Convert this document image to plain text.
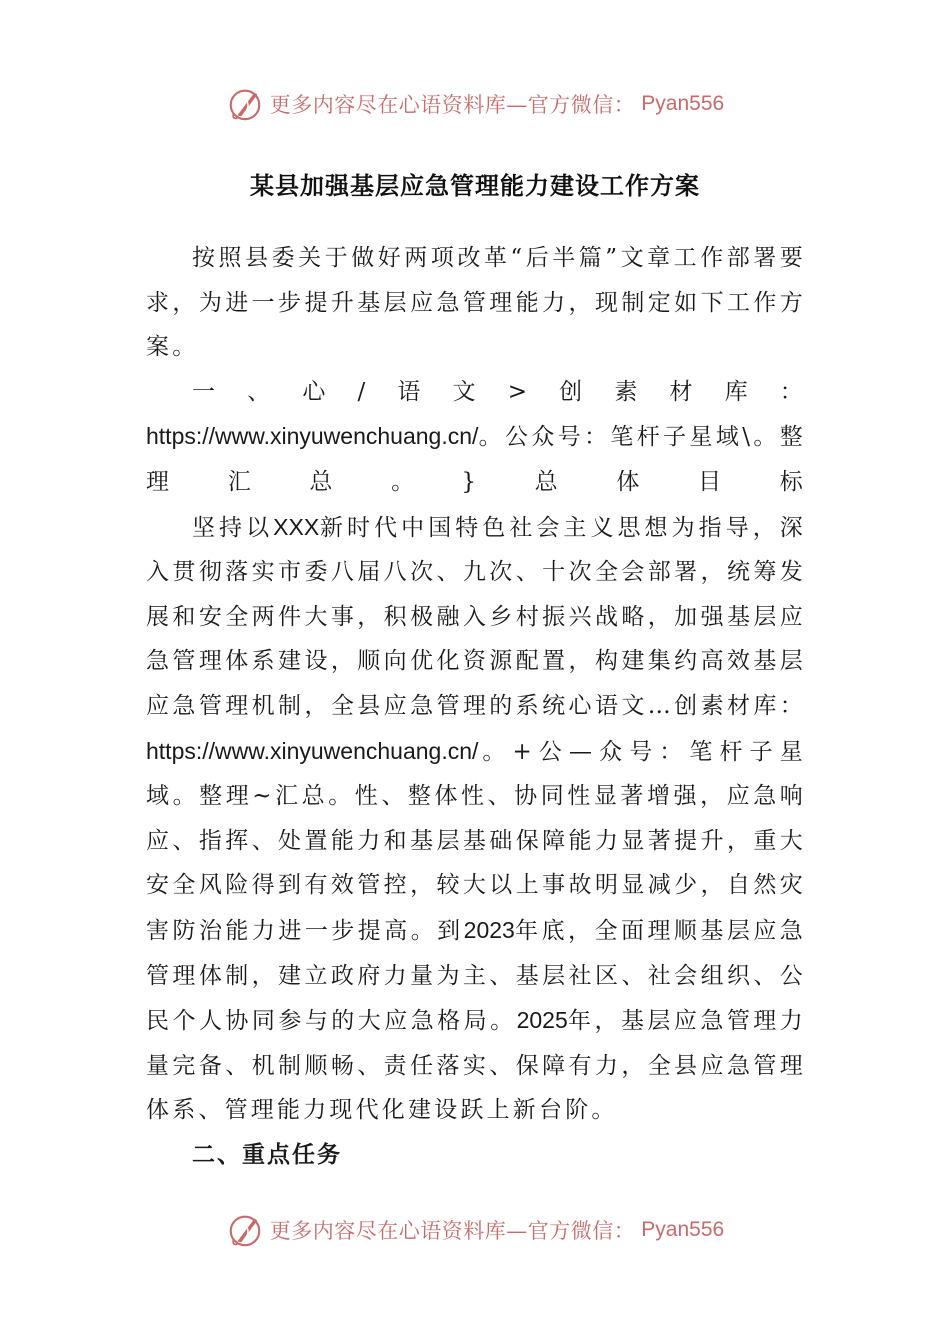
更多内容尽在心语资料库—官方微信： Pyan556
某县加强基层应急管理能力建设工作方案

按照县委关于做好两项改革“后半篇”文章工作部署要求，为进一步提升基层应急管理能力，现制定如下工作方案。

一、心/语文>创素材库：https://www.xinyuwenchuang.cn/。公众号：笔杆子星域\。整理汇总。}总体目标

坚持以XXX新时代中国特色社会主义思想为指导，深入贯彻落实市委八届八次、九次、十次全会部署，统筹发展和安全两件大事，积极融入乡村振兴战略，加强基层应急管理体系建设，顺向优化资源配置，构建集约高效基层应急管理机制，全县应急管理的系统心语文…创素材库：https://www.xinyuwenchuang.cn/。+公—众号：笔杆子星域。整理~汇总。性、整体性、协同性显著增强，应急响应、指挥、处置能力和基层基础保障能力显著提升，重大安全风险得到有效管控，较大以上事故明显减少，自然灾害防治能力进一步提高。到2023年底，全面理顺基层应急管理体制，建立政府力量为主、基层社区、社会组织、公民个人协同参与的大应急格局。2025年，基层应急管理力量完备、机制顺畅、责任落实、保障有力，全县应急管理体系、管理能力现代化建设跃上新台阶。

二、重点任务

更多内容尽在心语资料库—官方微信： Pyan556
